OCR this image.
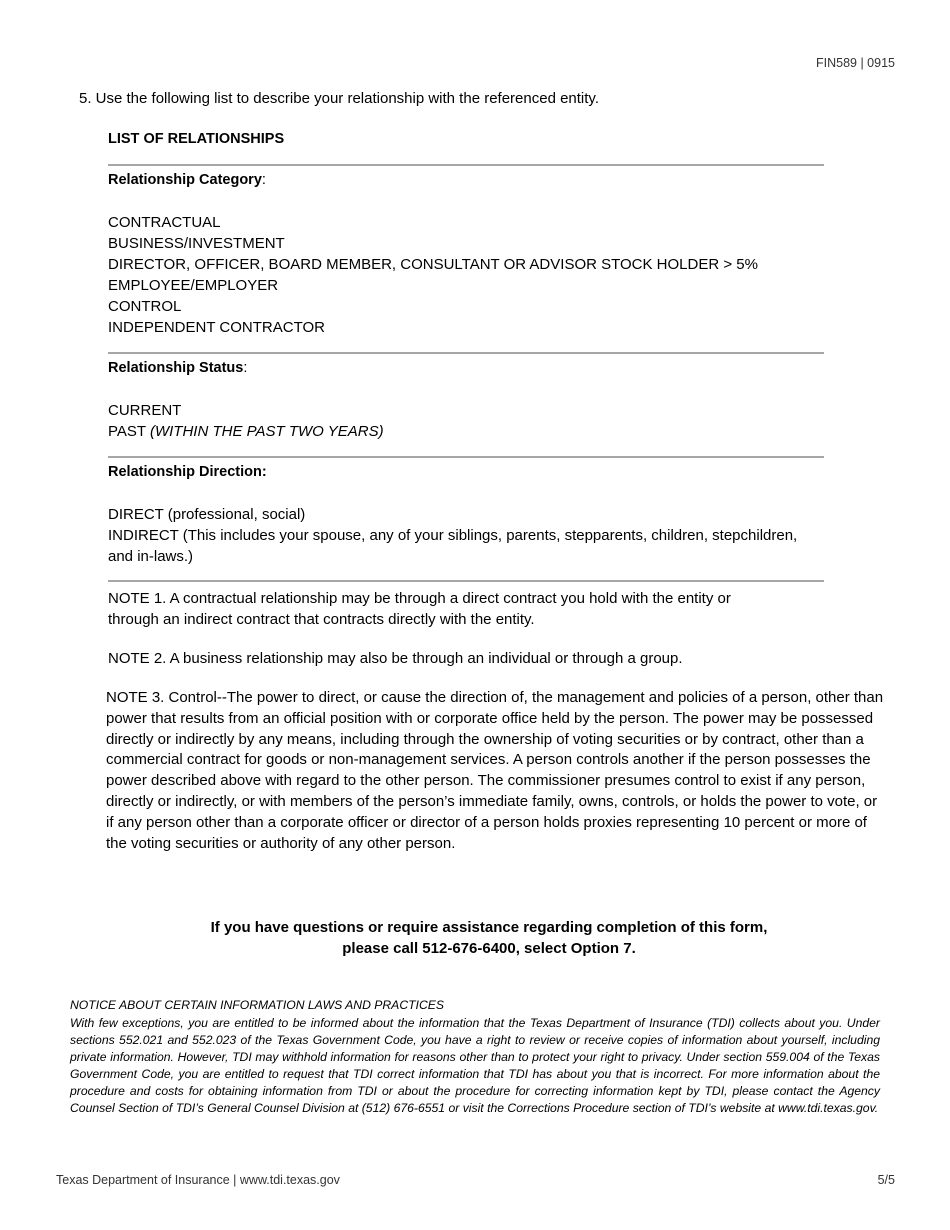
FIN589 | 0915
5. Use the following list to describe your relationship with the referenced entity.
LIST OF RELATIONSHIPS
Relationship Category:
CONTRACTUAL
BUSINESS/INVESTMENT
DIRECTOR, OFFICER, BOARD MEMBER, CONSULTANT OR ADVISOR STOCK HOLDER > 5%
EMPLOYEE/EMPLOYER
CONTROL
INDEPENDENT CONTRACTOR
Relationship Status:
CURRENT
PAST (WITHIN THE PAST TWO YEARS)
Relationship Direction:
DIRECT (professional, social)
INDIRECT (This includes your spouse, any of your siblings, parents, stepparents, children, stepchildren,
and in-laws.)
NOTE 1. A contractual relationship may be through a direct contract you hold with the entity or
through an indirect contract that contracts directly with the entity.
NOTE 2. A business relationship may also be through an individual or through a group.
NOTE 3. Control--The power to direct, or cause the direction of, the management and policies of a person, other than power that results from an official position with or corporate office held by the person. The power may be possessed directly or indirectly by any means, including through the ownership of voting securities or by contract, other than a commercial contract for goods or non-management services. A person controls another if the person possesses the power described above with regard to the other person. The commissioner presumes control to exist if any person, directly or indirectly, or with members of the person’s immediate family, owns, controls, or holds the power to vote, or if any person other than a corporate officer or director of a person holds proxies representing 10 percent or more of the voting securities or authority of any other person.
If you have questions or require assistance regarding completion of this form,
please call 512-676-6400, select Option 7.
NOTICE ABOUT CERTAIN INFORMATION LAWS AND PRACTICES
With few exceptions, you are entitled to be informed about the information that the Texas Department of Insurance (TDI) collects about you. Under sections 552.021 and 552.023 of the Texas Government Code, you have a right to review or receive copies of information about yourself, including private information. However, TDI may withhold information for reasons other than to protect your right to privacy. Under section 559.004 of the Texas Government Code, you are entitled to request that TDI correct information that TDI has about you that is incorrect. For more information about the procedure and costs for obtaining information from TDI or about the procedure for correcting information kept by TDI, please contact the Agency Counsel Section of TDI’s General Counsel Division at (512) 676-6551 or visit the Corrections Procedure section of TDI’s website at www.tdi.texas.gov.
Texas Department of Insurance | www.tdi.texas.gov	5/5
